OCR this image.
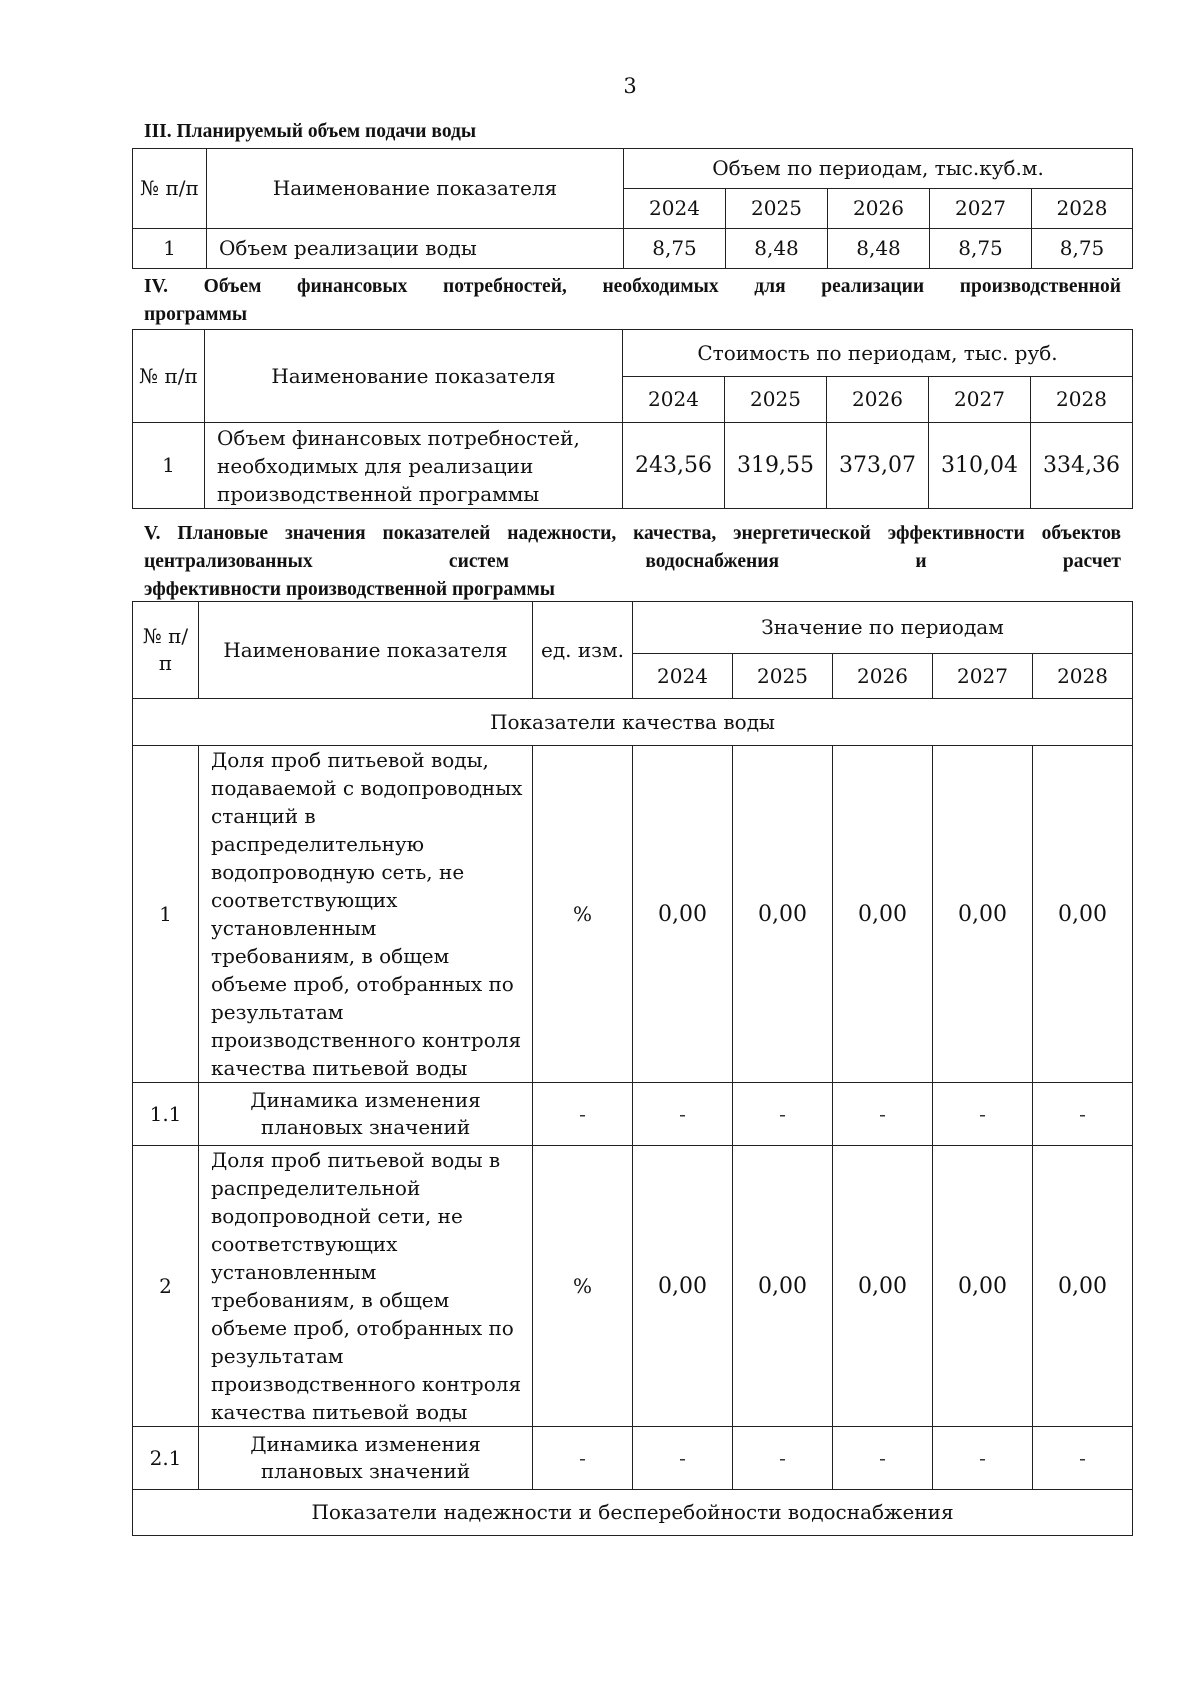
3
III. Планируемый объем подачи воды
№ п/п	Наименование показателя	Объем по периодам, тыс.куб.м.				
		2024	2025	2026	2027	2028
1	Объем реализации воды	8,75	8,48	8,48	8,75	8,75
IV. Объем финансовых потребностей, необходимых для реализации производственной
программы
№ п/п	Наименование показателя	Стоимость по периодам, тыс. руб.				
		2024	2025	2026	2027	2028
1	Объем финансовых потребностей, необходимых для реализации производственной программы	243,56	319,55	373,07	310,04	334,36
V. Плановые значения показателей надежности, качества, энергетической эффективности объектов централизованных систем водоснабжения и расчет
эффективности производственной программы
№ п/п	Наименование показателя	ед. изм.	Значение по периодам				
			2024	2025	2026	2027	2028
Показатели качества воды							
1	Доля проб питьевой воды, подаваемой с водопроводных станций в распределительную водопроводную сеть, не соответствующих установленным требованиям, в общем объеме проб, отобранных по результатам производственного контроля качества питьевой воды	%	0,00	0,00	0,00	0,00	0,00
1.1	Динамика изменения плановых значений	-	-	-	-	-	-
2	Доля проб питьевой воды в распределительной водопроводной сети, не соответствующих установленным требованиям, в общем объеме проб, отобранных по результатам производственного контроля качества питьевой воды	%	0,00	0,00	0,00	0,00	0,00
2.1	Динамика изменения плановых значений	-	-	-	-	-	-
Показатели надежности и бесперебойности водоснабжения							
